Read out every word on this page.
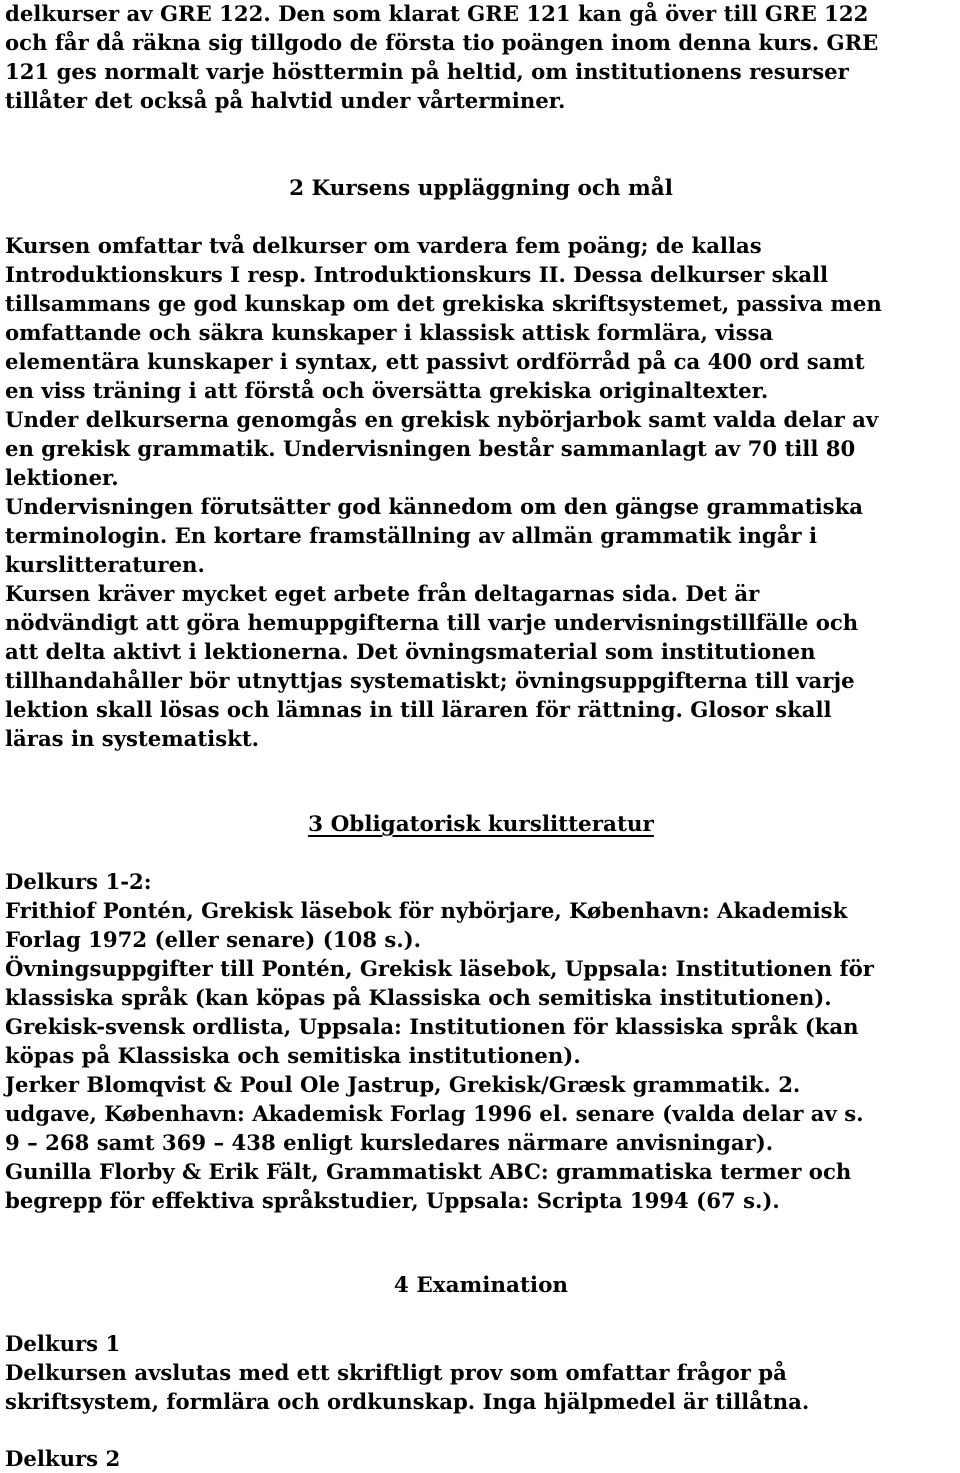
delkurser av GRE 122. Den som klarat GRE 121 kan gå över till GRE 122
och får då räkna sig tillgodo de första tio poängen inom denna kurs. GRE
121 ges normalt varje hösttermin på heltid, om institutionens resurser
tillåter det också på halvtid under vårterminer.
2 Kursens uppläggning och mål
Kursen omfattar två delkurser om vardera fem poäng; de kallas
Introduktionskurs I resp. Introduktionskurs II. Dessa delkurser skall
tillsammans ge god kunskap om det grekiska skriftsystemet, passiva men
omfattande och säkra kunskaper i klassisk attisk formlära, vissa
elementära kunskaper i syntax, ett passivt ordförråd på ca 400 ord samt
en viss träning i att förstå och översätta grekiska originaltexter.
Under delkurserna genomgås en grekisk nybörjarbok samt valda delar av
en grekisk grammatik. Undervisningen består sammanlagt av 70 till 80
lektioner.
Undervisningen förutsätter god kännedom om den gängse grammatiska
terminologin. En kortare framställning av allmän grammatik ingår i
kurslitteraturen.
Kursen kräver mycket eget arbete från deltagarnas sida. Det är
nödvändigt att göra hemuppgifterna till varje undervisningstillfälle och
att delta aktivt i lektionerna. Det övningsmaterial som institutionen
tillhandahåller bör utnyttjas systematiskt; övningsuppgifterna till varje
lektion skall lösas och lämnas in till läraren för rättning. Glosor skall
läras in systematiskt.
3 Obligatorisk kurslitteratur
Delkurs 1-2:
Frithiof Pontén, Grekisk läsebok för nybörjare, København: Akademisk
Forlag 1972 (eller senare) (108 s.).
Övningsuppgifter till Pontén, Grekisk läsebok, Uppsala: Institutionen för
klassiska språk (kan köpas på Klassiska och semitiska institutionen).
Grekisk-svensk ordlista, Uppsala: Institutionen för klassiska språk (kan
köpas på Klassiska och semitiska institutionen).
Jerker Blomqvist & Poul Ole Jastrup, Grekisk/Græsk grammatik. 2.
udgave, København: Akademisk Forlag 1996 el. senare (valda delar av s.
9 – 268 samt 369 – 438 enligt kursledares närmare anvisningar).
Gunilla Florby & Erik Fält, Grammatiskt ABC: grammatiska termer och
begrepp för effektiva språkstudier, Uppsala: Scripta 1994 (67 s.).
4 Examination
Delkurs 1
Delkursen avslutas med ett skriftligt prov som omfattar frågor på
skriftsystem, formlära och ordkunskap. Inga hjälpmedel är tillåtna.
Delkurs 2
